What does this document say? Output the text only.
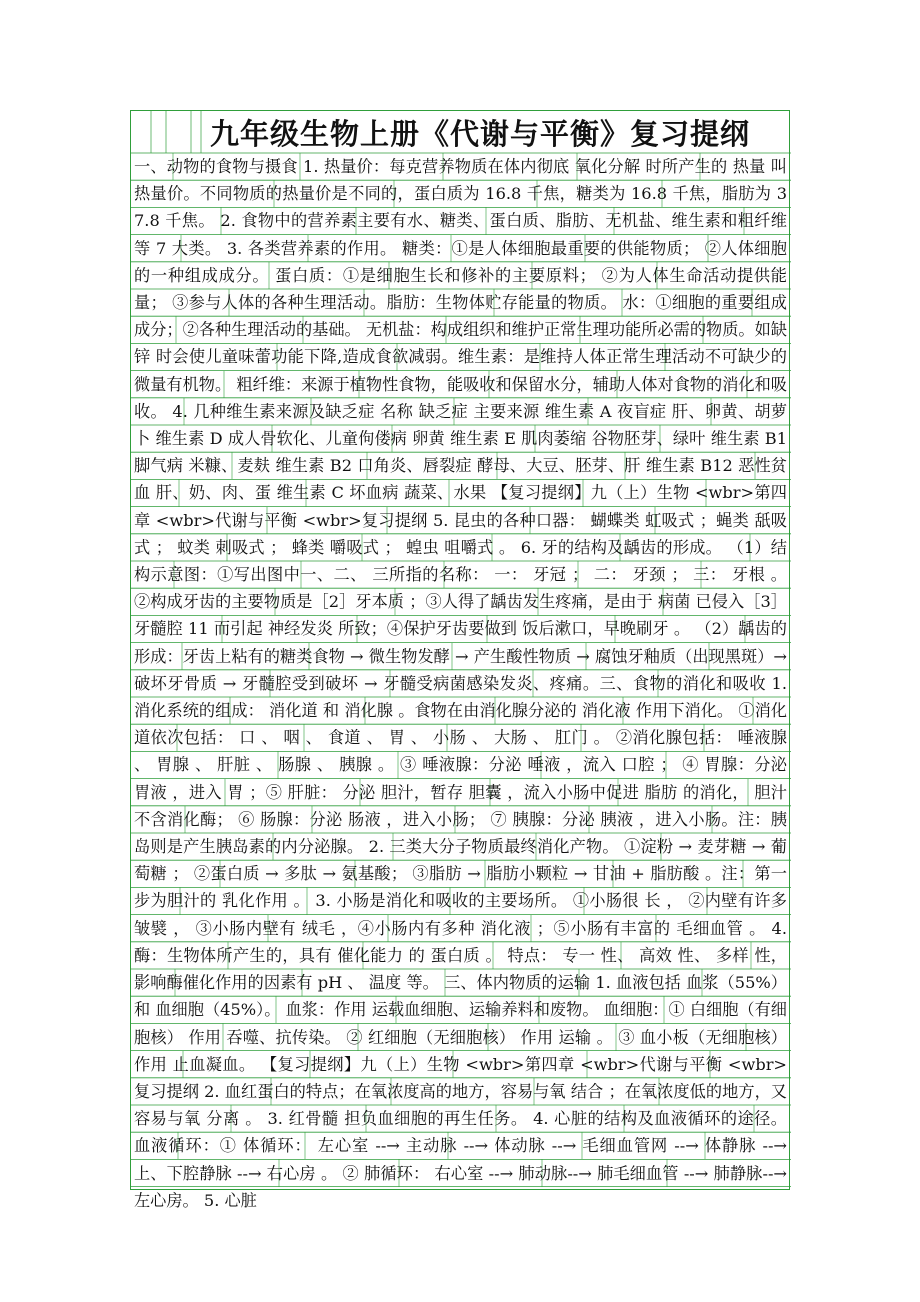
九年级生物上册《代谢与平衡》复习提纲

一、动物的食物与摄食 1. 热量价：每克营养物质在体内彻底 氧化分解 时所产生的 热量 叫热量价。不同物质的热量价是不同的，蛋白质为 16.8 千焦，糖类为 16.8 千焦，脂肪为 37.8 千焦。 2. 食物中的营养素主要有水、糖类、蛋白质、脂肪、无机盐、维生素和粗纤维等 7 大类。 3. 各类营养素的作用。 糖类：①是人体细胞最重要的供能物质； ②人体细胞的一种组成成分。 蛋白质：①是细胞生长和修补的主要原料； ②为人体生命活动提供能量； ③参与人体的各种生理活动。脂肪：生物体贮存能量的物质。 水：①细胞的重要组成成分；②各种生理活动的基础。 无机盐：构成组织和维护正常生理功能所必需的物质。如缺 锌 时会使儿童味蕾功能下降,造成食欲减弱。维生素：是维持人体正常生理活动不可缺少的微量有机物。 粗纤维：来源于植物性食物，能吸收和保留水分，辅助人体对食物的消化和吸收。 4. 几种维生素来源及缺乏症 名称 缺乏症 主要来源 维生素 A 夜盲症 肝、卵黄、胡萝卜 维生素 D 成人骨软化、儿童佝偻病 卵黄 维生素 E 肌肉萎缩 谷物胚芽、绿叶 维生素 B1 脚气病 米糠、麦麸 维生素 B2 口角炎、唇裂症 酵母、大豆、胚芽、肝 维生素 B12 恶性贫血 肝、奶、肉、蛋 维生素 C 坏血病 蔬菜、水果 【复习提纲】九（上）生物 <wbr>第四章 <wbr>代谢与平衡 <wbr>复习提纲 5. 昆虫的各种口器： 蝴蝶类 虹吸式 ；蝇类 舐吸式 ； 蚊类 刺吸式 ； 蜂类 嚼吸式 ； 蝗虫 咀嚼式 。 6. 牙的结构及龋齿的形成。 （1）结构示意图：①写出图中一、二、 三所指的名称： 一： 牙冠 ； 二： 牙颈 ； 三： 牙根 。 ②构成牙齿的主要物质是［2］牙本质 ；③人得了龋齿发生疼痛，是由于 病菌 已侵入［3］牙髓腔 11 而引起 神经发炎 所致；④保护牙齿要做到 饭后漱口，早晚刷牙 。 （2）龋齿的形成：牙齿上粘有的糖类食物 → 微生物发酵 → 产生酸性物质 → 腐蚀牙釉质（出现黑斑）→ 破坏牙骨质 → 牙髓腔受到破坏 → 牙髓受病菌感染发炎、疼痛。三、食物的消化和吸收 1. 消化系统的组成： 消化道 和 消化腺 。食物在由消化腺分泌的 消化液 作用下消化。 ①消化道依次包括： 口 、 咽 、 食道 、 胃 、 小肠 、 大肠 、 肛门 。 ②消化腺包括： 唾液腺 、 胃腺 、 肝脏 、 肠腺 、 胰腺 。 ③ 唾液腺：分泌 唾液 ，流入 口腔 ； ④ 胃腺：分泌 胃液 ，进入 胃 ；⑤ 肝脏： 分泌 胆汁，暂存 胆囊 ，流入小肠中促进 脂肪 的消化， 胆汁不含消化酶； ⑥ 肠腺：分泌 肠液 ，进入小肠； ⑦ 胰腺：分泌 胰液 ，进入小肠。注：胰岛则是产生胰岛素的内分泌腺。 2. 三类大分子物质最终消化产物。 ①淀粉 → 麦芽糖 → 葡萄糖 ； ②蛋白质 → 多肽 → 氨基酸； ③脂肪 → 脂肪小颗粒 → 甘油 + 脂肪酸 。注：第一步为胆汁的 乳化作用 。 3. 小肠是消化和吸收的主要场所。 ①小肠很 长 ， ②内壁有许多 皱襞 ， ③小肠内壁有 绒毛 ，④小肠内有多种 消化液 ；⑤小肠有丰富的 毛细血管 。 4. 酶：生物体所产生的，具有 催化能力 的 蛋白质 。 特点： 专一 性、 高效 性、 多样 性，影响酶催化作用的因素有 pH 、 温度 等。 三、体内物质的运输 1. 血液包括 血浆（55%）和 血细胞（45%）。 血浆：作用 运载血细胞、运输养料和废物。 血细胞：① 白细胞（有细胞核） 作用 吞噬、抗传染。 ② 红细胞（无细胞核） 作用 运输 。 ③ 血小板（无细胞核） 作用 止血凝血。 【复习提纲】九（上）生物 <wbr>第四章 <wbr>代谢与平衡 <wbr>复习提纲 2. 血红蛋白的特点；在氧浓度高的地方，容易与氧 结合 ；在氧浓度低的地方，又容易与氧 分离 。 3. 红骨髓 担负血细胞的再生任务。 4. 心脏的结构及血液循环的途径。 血液循环：① 体循环： 左心室 --→ 主动脉 --→ 体动脉 --→ 毛细血管网 --→ 体静脉 --→ 上、下腔静脉 --→ 右心房 。 ② 肺循环： 右心室 --→ 肺动脉--→ 肺毛细血管 --→ 肺静脉--→ 左心房。 5. 心脏
